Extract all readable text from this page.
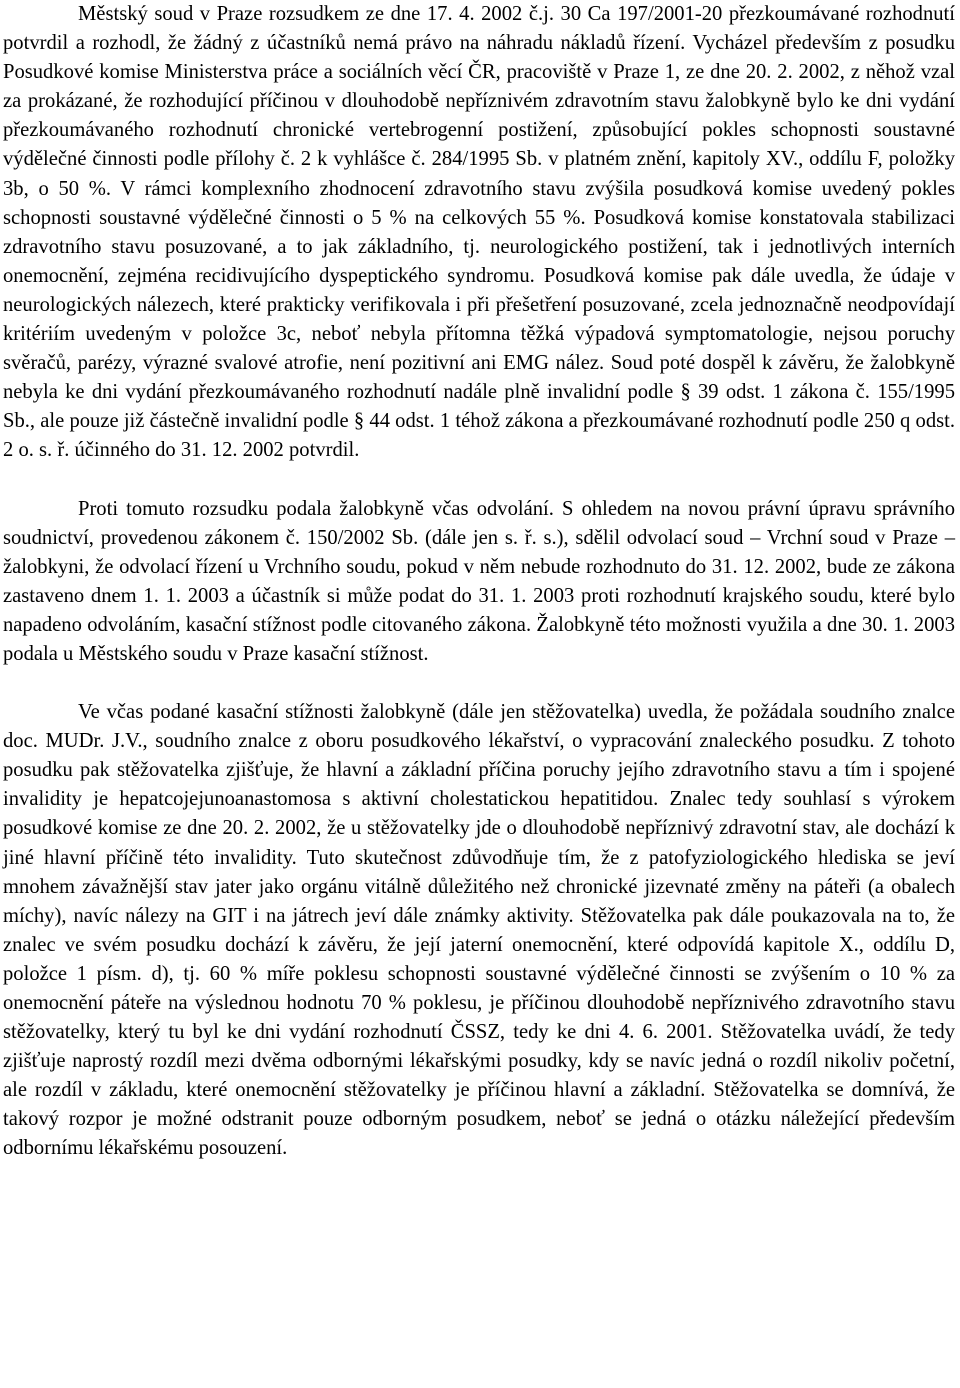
Městský soud v Praze rozsudkem ze dne 17. 4. 2002 č.j. 30 Ca 197/2001-20 přezkoumávané rozhodnutí potvrdil a rozhodl, že žádný z účastníků nemá právo na náhradu nákladů řízení. Vycházel především z posudku Posudkové komise Ministerstva práce a sociálních věcí ČR, pracoviště v Praze 1, ze dne 20. 2. 2002, z něhož vzal za prokázané, že rozhodující příčinou v dlouhodobě nepříznivém zdravotním stavu žalobkyně bylo ke dni vydání přezkoumávaného rozhodnutí chronické vertebrogenní postižení, způsobující pokles schopnosti soustavné výdělečné činnosti podle přílohy č. 2 k vyhlášce č. 284/1995 Sb. v platném znění, kapitoly XV., oddílu F, položky 3b, o 50 %. V rámci komplexního zhodnocení zdravotního stavu zvýšila posudková komise uvedený pokles schopnosti soustavné výdělečné činnosti o 5 % na celkových 55 %. Posudková komise konstatovala stabilizaci zdravotního stavu posuzované, a to jak základního, tj. neurologického postižení, tak i jednotlivých interních onemocnění, zejména recidivujícího dyspeptického syndromu. Posudková komise pak dále uvedla, že údaje v neurologických nálezech, které prakticky verifikovala i při přešetření posuzované, zcela jednoznačně neodpovídají kritériím uvedeným v položce 3c, neboť nebyla přítomna těžká výpadová symptomatologie, nejsou poruchy svěračů, parézy, výrazné svalové atrofie, není pozitivní ani EMG nález. Soud poté dospěl k závěru, že žalobkyně nebyla ke dni vydání přezkoumávaného rozhodnutí nadále plně invalidní podle § 39 odst. 1 zákona č. 155/1995 Sb., ale pouze již částečně invalidní podle § 44 odst. 1 téhož zákona a přezkoumávané rozhodnutí podle 250 q odst. 2 o. s. ř. účinného do 31. 12. 2002 potvrdil.

Proti tomuto rozsudku podala žalobkyně včas odvolání. S ohledem na novou právní úpravu správního soudnictví, provedenou zákonem č. 150/2002 Sb. (dále jen s. ř. s.), sdělil odvolací soud – Vrchní soud v Praze – žalobkyni, že odvolací řízení u Vrchního soudu, pokud v něm nebude rozhodnuto do 31. 12. 2002, bude ze zákona zastaveno dnem 1. 1. 2003 a účastník si může podat do 31. 1. 2003 proti rozhodnutí krajského soudu, které bylo napadeno odvoláním, kasační stížnost podle citovaného zákona. Žalobkyně této možnosti využila a dne 30. 1. 2003 podala u Městského soudu v Praze kasační stížnost.

Ve včas podané kasační stížnosti žalobkyně (dále jen stěžovatelka) uvedla, že požádala soudního znalce doc. MUDr. J.V., soudního znalce z oboru posudkového lékařství, o vypracování znaleckého posudku. Z tohoto posudku pak stěžovatelka zjišťuje, že hlavní a základní příčina poruchy jejího zdravotního stavu a tím i spojené invalidity je hepatcojejunoanastomosa s aktivní cholestatickou hepatitidou. Znalec tedy souhlasí s výrokem posudkové komise ze dne 20. 2. 2002, že u stěžovatelky jde o dlouhodobě nepříznivý zdravotní stav, ale dochází k jiné hlavní příčině této invalidity. Tuto skutečnost zdůvodňuje tím, že z patofyziologického hlediska se jeví mnohem závažnější stav jater jako orgánu vitálně důležitého než chronické jizevnaté změny na páteři (a obalech míchy), navíc nálezy na GIT i na játrech jeví dále známky aktivity. Stěžovatelka pak dále poukazovala na to, že znalec ve svém posudku dochází k závěru, že její jaterní onemocnění, které odpovídá kapitole X., oddílu D, položce 1 písm. d), tj. 60 % míře poklesu schopnosti soustavné výdělečné činnosti se zvýšením o 10 % za onemocnění páteře na výslednou hodnotu 70 % poklesu, je příčinou dlouhodobě nepříznivého zdravotního stavu stěžovatelky, který tu byl ke dni vydání rozhodnutí ČSSZ, tedy ke dni 4. 6. 2001. Stěžovatelka uvádí, že tedy zjišťuje naprostý rozdíl mezi dvěma odbornými lékařskými posudky, kdy se navíc jedná o rozdíl nikoliv početní, ale rozdíl v základu, které onemocnění stěžovatelky je příčinou hlavní a základní. Stěžovatelka se domnívá, že takový rozpor je možné odstranit pouze odborným posudkem, neboť se jedná o otázku náležející především odbornímu lékařskému posouzení.
